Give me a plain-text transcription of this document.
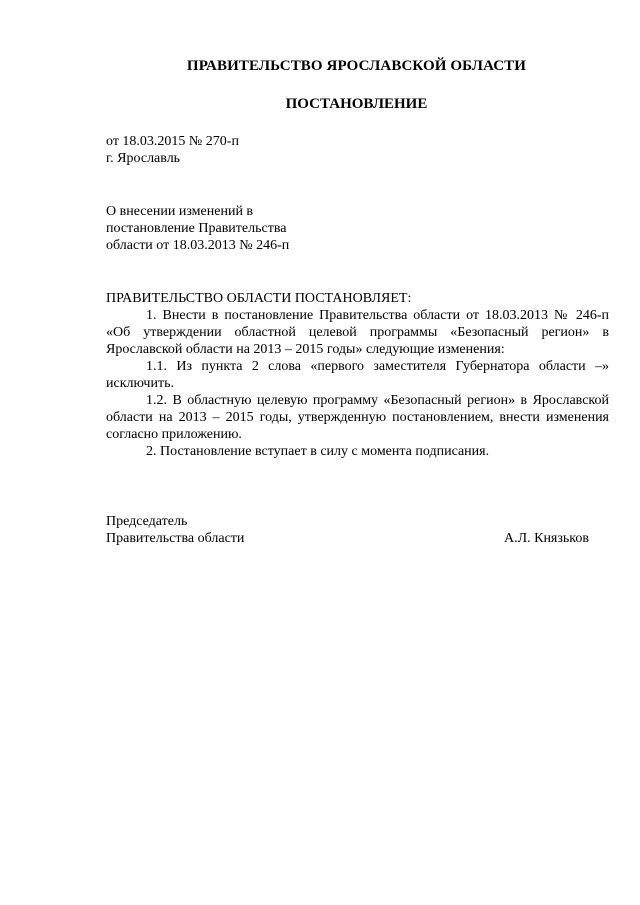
ПРАВИТЕЛЬСТВО ЯРОСЛАВСКОЙ ОБЛАСТИ
ПОСТАНОВЛЕНИЕ
от 18.03.2015 № 270-п
г. Ярославль
О внесении изменений в
постановление Правительства
области от 18.03.2013 № 246-п

ПРАВИТЕЛЬСТВО ОБЛАСТИ ПОСТАНОВЛЯЕТ:

1. Внести в постановление Правительства области от 18.03.2013 № 246-п «Об утверждении областной целевой программы «Безопасный регион» в Ярославской области на 2013 – 2015 годы» следующие изменения:

1.1. Из пункта 2 слова «первого заместителя Губернатора области –» исключить.

1.2. В областную целевую программу «Безопасный регион» в Ярославской области на 2013 – 2015 годы, утвержденную постановлением, внести изменения согласно приложению.

2. Постановление вступает в силу с момента подписания.

Председатель
Правительства области	А.Л. Князьков
